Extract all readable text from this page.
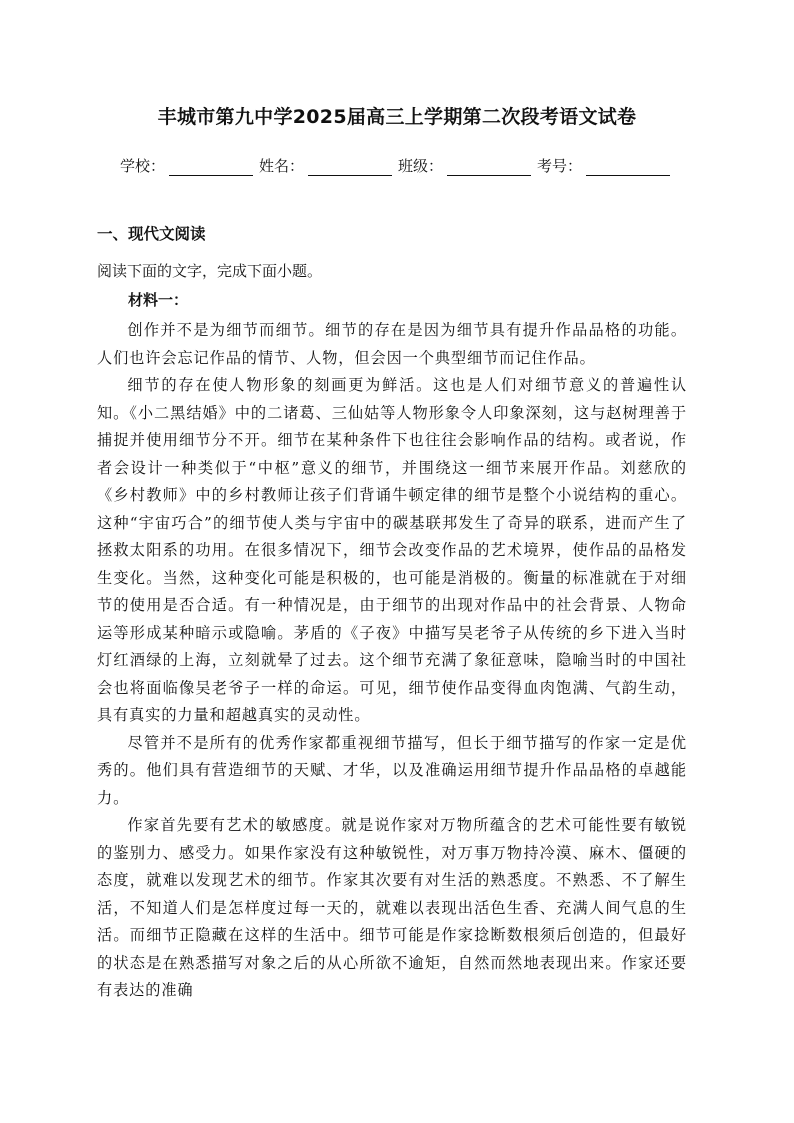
丰城市第九中学2025届高三上学期第二次段考语文试卷
学校：	姓名：	班级：	考号：
一、现代文阅读
阅读下面的文字，完成下面小题。
材料一：

创作并不是为细节而细节。细节的存在是因为细节具有提升作品品格的功能。人们也许会忘记作品的情节、人物，但会因一个典型细节而记住作品。

细节的存在使人物形象的刻画更为鲜活。这也是人们对细节意义的普遍性认知。《小二黑结婚》中的二诸葛、三仙姑等人物形象令人印象深刻，这与赵树理善于捕捉并使用细节分不开。细节在某种条件下也往往会影响作品的结构。或者说，作者会设计一种类似于“中枢”意义的细节，并围绕这一细节来展开作品。刘慈欣的《乡村教师》中的乡村教师让孩子们背诵牛顿定律的细节是整个小说结构的重心。这种“宇宙巧合”的细节使人类与宇宙中的碳基联邦发生了奇异的联系，进而产生了拯救太阳系的功用。在很多情况下，细节会改变作品的艺术境界，使作品的品格发生变化。当然，这种变化可能是积极的，也可能是消极的。衡量的标准就在于对细节的使用是否合适。有一种情况是，由于细节的出现对作品中的社会背景、人物命运等形成某种暗示或隐喻。茅盾的《子夜》中描写吴老爷子从传统的乡下进入当时灯红酒绿的上海，立刻就晕了过去。这个细节充满了象征意味，隐喻当时的中国社会也将面临像吴老爷子一样的命运。可见，细节使作品变得血肉饱满、气韵生动，具有真实的力量和超越真实的灵动性。

尽管并不是所有的优秀作家都重视细节描写，但长于细节描写的作家一定是优秀的。他们具有营造细节的天赋、才华，以及准确运用细节提升作品品格的卓越能力。

作家首先要有艺术的敏感度。就是说作家对万物所蕴含的艺术可能性要有敏锐的鉴别力、感受力。如果作家没有这种敏锐性，对万事万物持冷漠、麻木、僵硬的态度，就难以发现艺术的细节。作家其次要有对生活的熟悉度。不熟悉、不了解生活，不知道人们是怎样度过每一天的，就难以表现出活色生香、充满人间气息的生活。而细节正隐藏在这样的生活中。细节可能是作家捻断数根须后创造的，但最好的状态是在熟悉描写对象之后的从心所欲不逾矩，自然而然地表现出来。作家还要有表达的准确
